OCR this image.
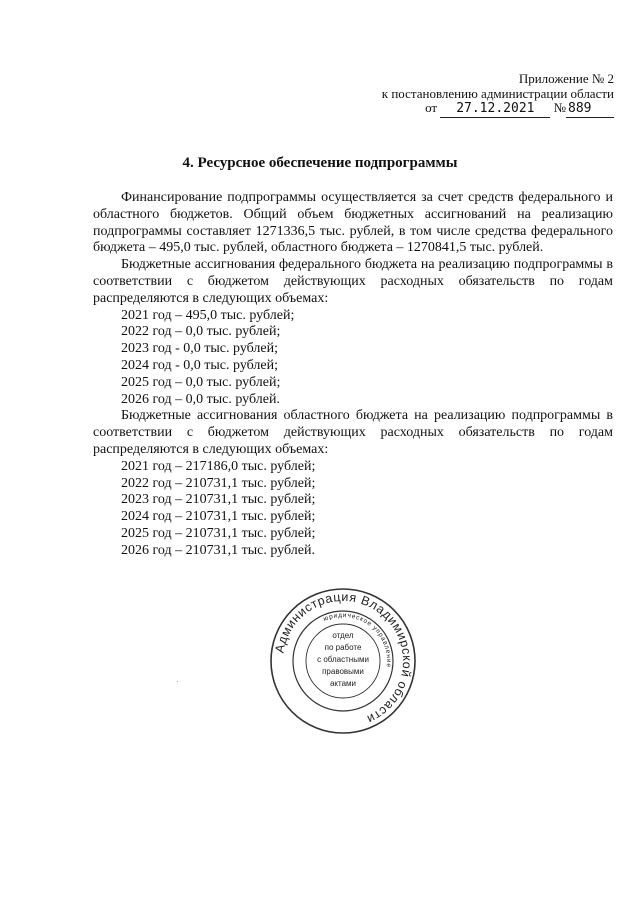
Приложение № 2
к постановлению администрации области
от 27.12.2021 № 889
4. Ресурсное обеспечение подпрограммы

Финансирование подпрограммы осуществляется за счет средств федерального и областного бюджетов. Общий объем бюджетных ассигнований на реализацию подпрограммы составляет 1271336,5 тыс. рублей, в том числе средства федерального бюджета – 495,0 тыс. рублей, областного бюджета – 1270841,5 тыс. рублей.

Бюджетные ассигнования федерального бюджета на реализацию подпрограммы в соответствии с бюджетом действующих расходных обязательств по годам распределяются в следующих объемах:

2021 год – 495,0 тыс. рублей;

2022 год – 0,0 тыс. рублей;

2023 год - 0,0 тыс. рублей;

2024 год - 0,0 тыс. рублей;

2025 год – 0,0 тыс. рублей;

2026 год – 0,0 тыс. рублей.

Бюджетные ассигнования областного бюджета на реализацию подпрограммы в соответствии с бюджетом действующих расходных обязательств по годам распределяются в следующих объемах:

2021 год – 217186,0 тыс. рублей;

2022 год – 210731,1 тыс. рублей;

2023 год – 210731,1 тыс. рублей;

2024 год – 210731,1 тыс. рублей;

2025 год – 210731,1 тыс. рублей;

2026 год – 210731,1 тыс. рублей.

Администрация Владимирской области
юридическое управление
отдел
по работе
с областными
правовыми
актами
